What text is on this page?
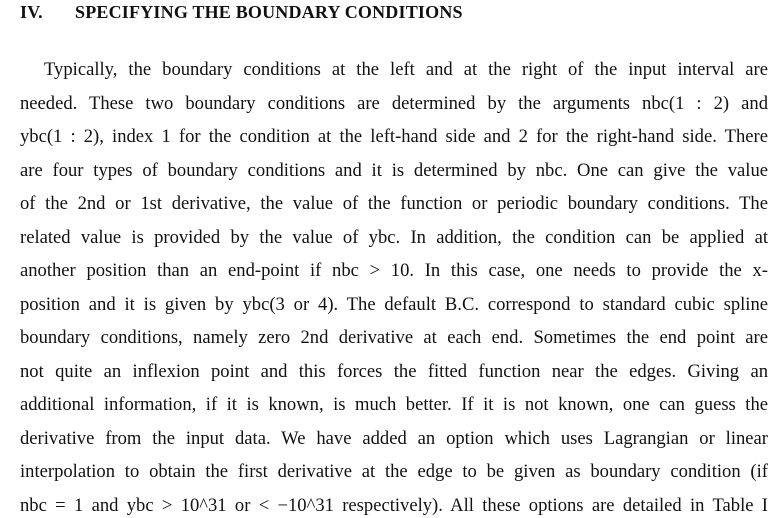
IV. SPECIFYING THE BOUNDARY CONDITIONS
Typically, the boundary conditions at the left and at the right of the input interval are
needed. These two boundary conditions are determined by the arguments nbc(1 : 2) and
ybc(1 : 2), index 1 for the condition at the left-hand side and 2 for the right-hand side. There
are four types of boundary conditions and it is determined by nbc. One can give the value
of the 2nd or 1st derivative, the value of the function or periodic boundary conditions. The
related value is provided by the value of ybc. In addition, the condition can be applied at
another position than an end-point if nbc > 10. In this case, one needs to provide the x-
position and it is given by ybc(3 or 4). The default B.C. correspond to standard cubic spline
boundary conditions, namely zero 2nd derivative at each end. Sometimes the end point are
not quite an inflexion point and this forces the fitted function near the edges. Giving an
additional information, if it is known, is much better. If it is not known, one can guess the
derivative from the input data. We have added an option which uses Lagrangian or linear
interpolation to obtain the first derivative at the edge to be given as boundary condition (if
nbc = 1 and ybc > 10^31 or < −10^31 respectively). All these options are detailed in Table I
